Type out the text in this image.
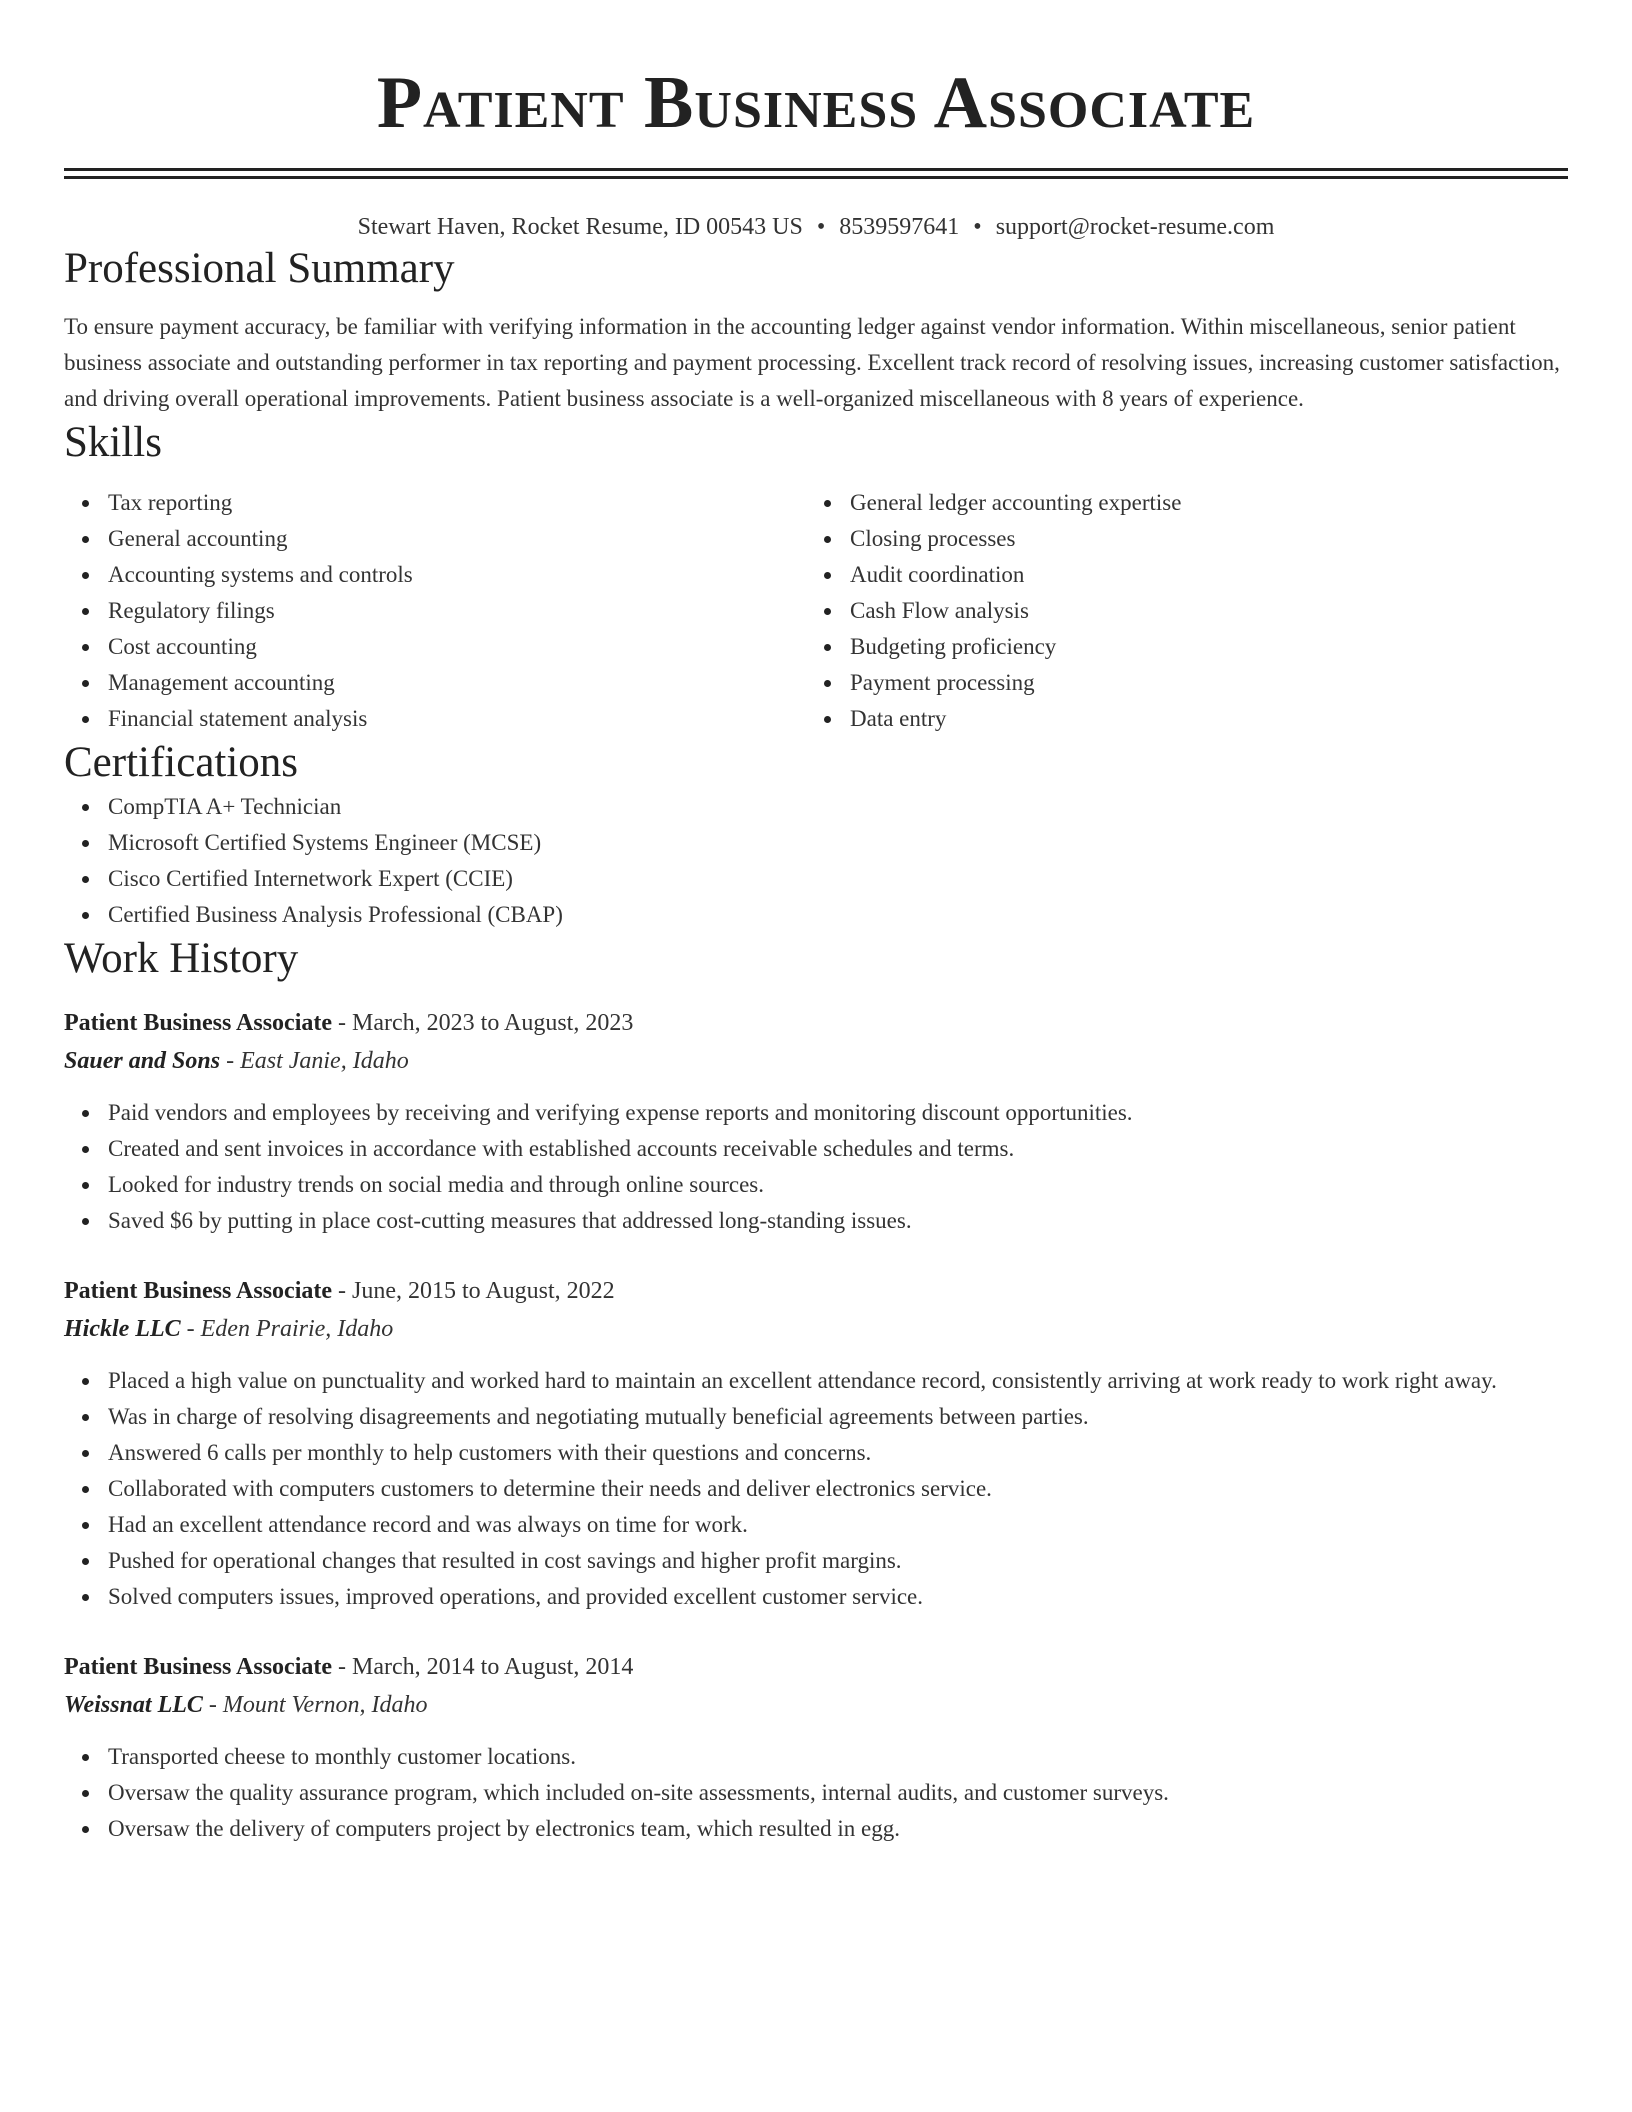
Patient Business Associate
Stewart Haven, Rocket Resume, ID 00543 US • 8539597641 • support@rocket-resume.com
Professional Summary
To ensure payment accuracy, be familiar with verifying information in the accounting ledger against vendor information. Within miscellaneous, senior patient business associate and outstanding performer in tax reporting and payment processing. Excellent track record of resolving issues, increasing customer satisfaction, and driving overall operational improvements. Patient business associate is a well-organized miscellaneous with 8 years of experience.
Skills
Tax reporting
General accounting
Accounting systems and controls
Regulatory filings
Cost accounting
Management accounting
Financial statement analysis
General ledger accounting expertise
Closing processes
Audit coordination
Cash Flow analysis
Budgeting proficiency
Payment processing
Data entry
Certifications
CompTIA A+ Technician
Microsoft Certified Systems Engineer (MCSE)
Cisco Certified Internetwork Expert (CCIE)
Certified Business Analysis Professional (CBAP)
Work History
Patient Business Associate - March, 2023 to August, 2023
Sauer and Sons - East Janie, Idaho
Paid vendors and employees by receiving and verifying expense reports and monitoring discount opportunities.
Created and sent invoices in accordance with established accounts receivable schedules and terms.
Looked for industry trends on social media and through online sources.
Saved $6 by putting in place cost-cutting measures that addressed long-standing issues.
Patient Business Associate - June, 2015 to August, 2022
Hickle LLC - Eden Prairie, Idaho
Placed a high value on punctuality and worked hard to maintain an excellent attendance record, consistently arriving at work ready to work right away.
Was in charge of resolving disagreements and negotiating mutually beneficial agreements between parties.
Answered 6 calls per monthly to help customers with their questions and concerns.
Collaborated with computers customers to determine their needs and deliver electronics service.
Had an excellent attendance record and was always on time for work.
Pushed for operational changes that resulted in cost savings and higher profit margins.
Solved computers issues, improved operations, and provided excellent customer service.
Patient Business Associate - March, 2014 to August, 2014
Weissnat LLC - Mount Vernon, Idaho
Transported cheese to monthly customer locations.
Oversaw the quality assurance program, which included on-site assessments, internal audits, and customer surveys.
Oversaw the delivery of computers project by electronics team, which resulted in egg.
